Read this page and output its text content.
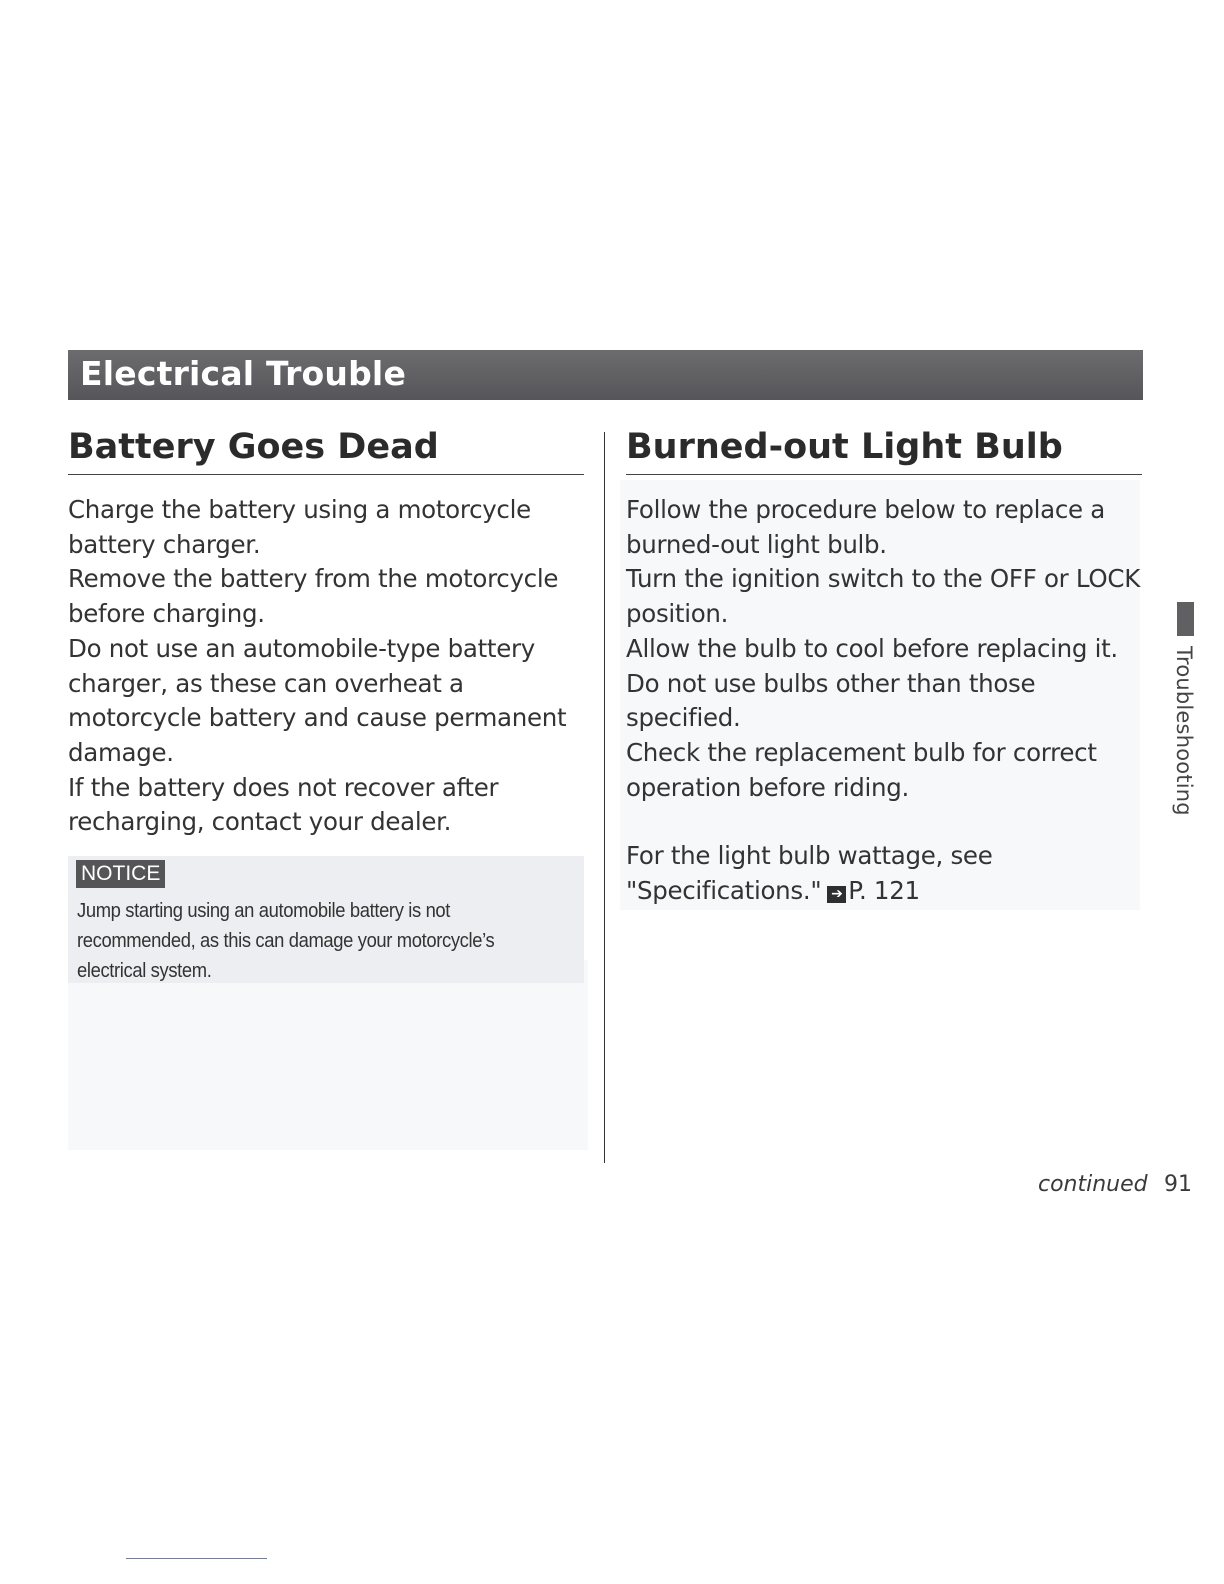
Electrical Trouble
Battery Goes Dead

Charge the battery using a motorcycle battery charger.

Remove the battery from the motorcycle before charging.

Do not use an automobile-type battery charger, as these can overheat a motorcycle battery and cause permanent damage.

If the battery does not recover after recharging, contact your dealer.

NOTICE
Jump starting using an automobile battery is not recommended, as this can damage your motorcycle’s electrical system.
Burned-out Light Bulb

Follow the procedure below to replace a burned-out light bulb.

Turn the ignition switch to the OFF or LOCK position.

Allow the bulb to cool before replacing it. Do not use bulbs other than those specified.

Check the replacement bulb for correct operation before riding.

For the light bulb wattage, see "Specifications." ➔ P. 121

Troubleshooting
continued 91
